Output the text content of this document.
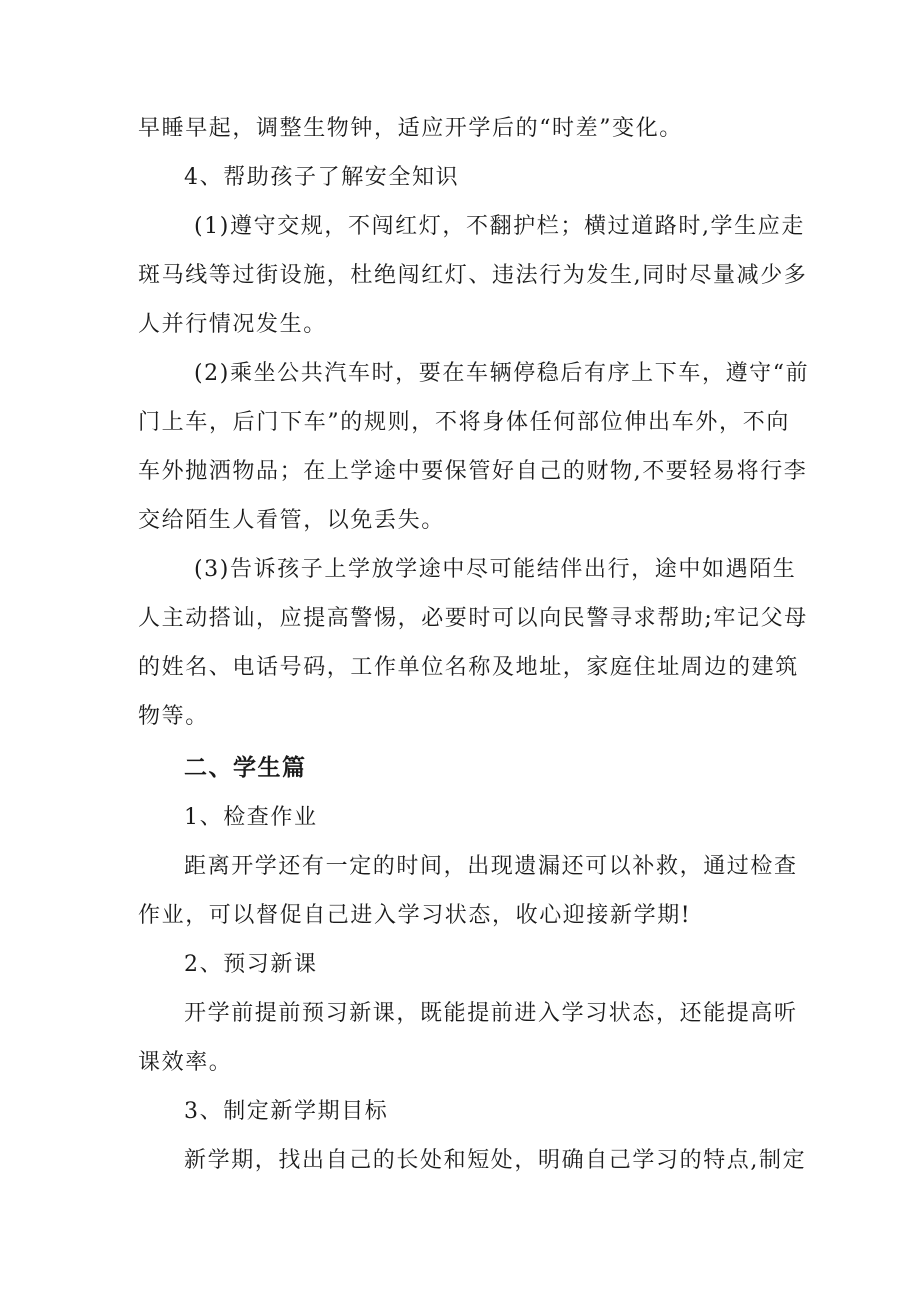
早睡早起，调整生物钟，适应开学后的“时差”变化。

4、帮助孩子了解安全知识

(1)遵守交规，不闯红灯，不翻护栏；横过道路时,学生应走

斑马线等过街设施，杜绝闯红灯、违法行为发生,同时尽量减少多

人并行情况发生。

(2)乘坐公共汽车时，要在车辆停稳后有序上下车，遵守“前

门上车，后门下车”的规则，不将身体任何部位伸出车外，不向

车外抛洒物品；在上学途中要保管好自己的财物,不要轻易将行李

交给陌生人看管，以免丢失。

(3)告诉孩子上学放学途中尽可能结伴出行，途中如遇陌生

人主动搭讪，应提高警惕，必要时可以向民警寻求帮助;牢记父母

的姓名、电话号码，工作单位名称及地址，家庭住址周边的建筑

物等。

二、学生篇

1、检查作业

距离开学还有一定的时间，出现遗漏还可以补救，通过检查

作业，可以督促自己进入学习状态，收心迎接新学期!

2、预习新课

开学前提前预习新课，既能提前进入学习状态，还能提高听

课效率。

3、制定新学期目标

新学期，找出自己的长处和短处，明确自己学习的特点,制定
